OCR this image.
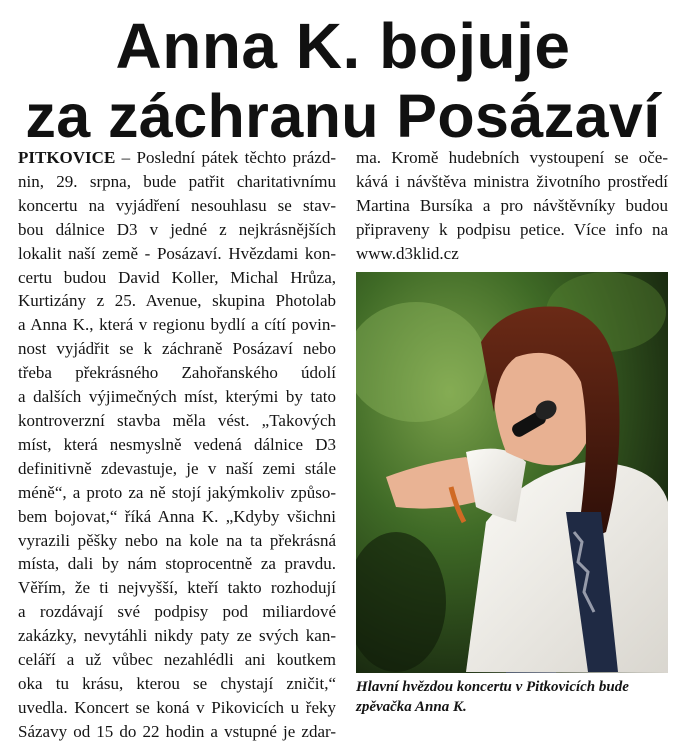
Anna K. bojuje
za záchranu Posázaví
PITKOVICE – Poslední pátek těchto prázd-
nin, 29. srpna, bude patřit charitativnímu
koncertu na vyjádření nesouhlasu se stav-
bou dálnice D3 v jedné z nejkrásnějších
lokalit naší země - Posázaví. Hvězdami kon-
certu budou David Koller, Michal Hrůza,
Kurtizány z 25. Avenue, skupina Photolab
a Anna K., která v regionu bydlí a cítí povin-
nost vyjádřit se k záchraně Posázaví nebo
třeba překrásného Zahořanského údolí
a dalších výjimečných míst, kterými by tato
kontroverzní stavba měla vést. „Takových
míst, která nesmyslně vedená dálnice D3
definitivně zdevastuje, je v naší zemi stále
méně“, a proto za ně stojí jakýmkoliv způso-
bem bojovat,“ říká Anna K. „Kdyby všichni
vyrazili pěšky nebo na kole na ta překrásná
místa, dali by nám stoprocentně za pravdu.
Věřím, že ti nejvyšší, kteří takto rozhodují
a rozdávají své podpisy pod miliardové
zakázky, nevytáhli nikdy paty ze svých kan-
celáří a už vůbec nezahlédli ani koutkem
oka tu krásu, kterou se chystají zničit,“
uvedla. Koncert se koná v Pikovicích u řeky
Sázavy od 15 do 22 hodin a vstupné je zdar-
ma. Kromě hudebních vystoupení se oče-
kává i návštěva ministra životního prostředí
Martina Bursíka a pro návštěvníky budou
připraveny k podpisu petice. Více info na
www.d3klid.cz
Hlavní hvězdou koncertu v Pitkovicích bude
zpěvačka Anna K.
